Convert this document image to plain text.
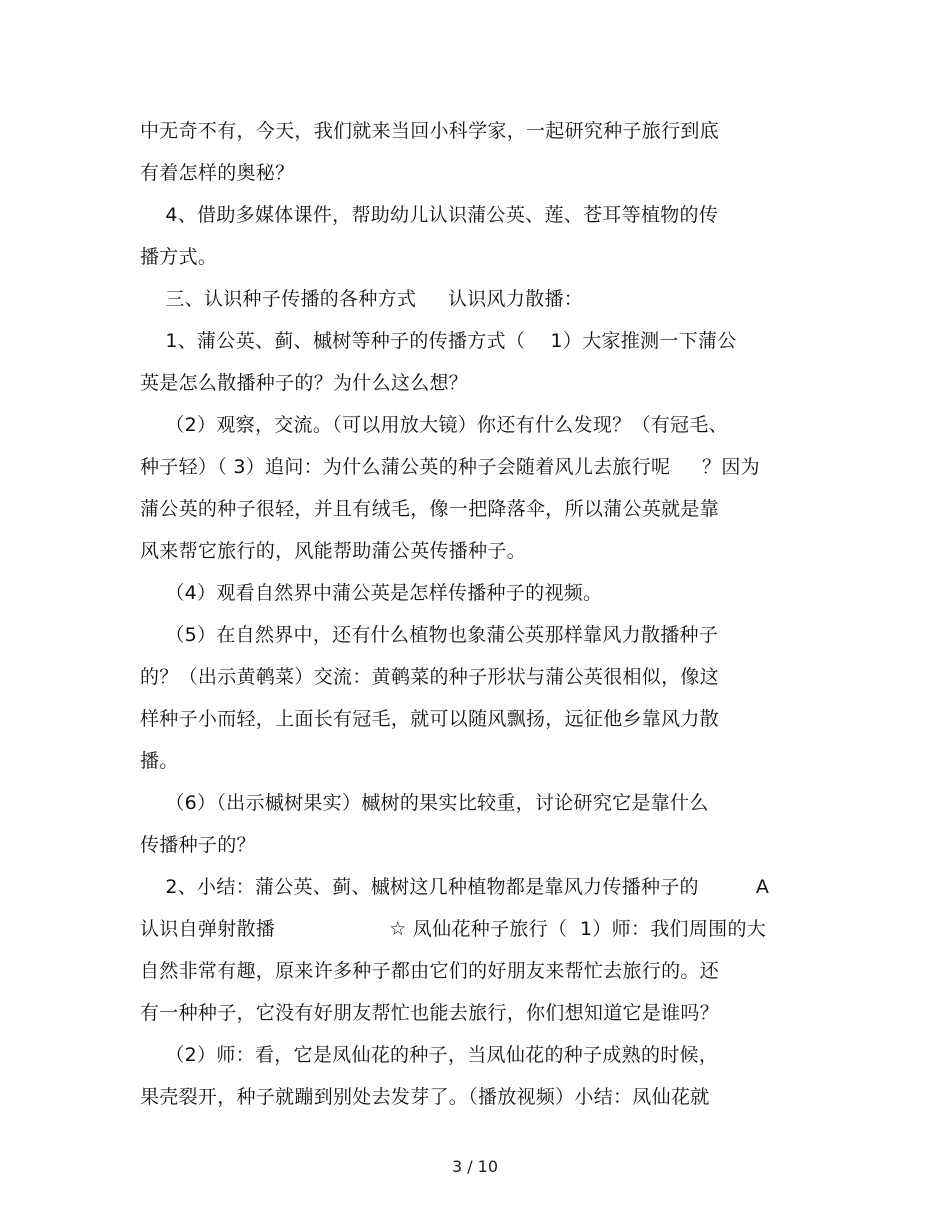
中无奇不有，今天，我们就来当回小科学家，一起研究种子旅行到底
有着怎样的奥秘？
4、借助多媒体课件，帮助幼儿认识蒲公英、莲、苍耳等植物的传
播方式。
三、认识种子传播的各种方式     认识风力散播：
1、蒲公英、蓟、槭树等种子的传播方式（    1）大家推测一下蒲公
英是怎么散播种子的？为什么这么想？
（2）观察，交流。（可以用放大镜）你还有什么发现？（有冠毛、
种子轻）（ 3）追问：为什么蒲公英的种子会随着风儿去旅行呢     ？因为
蒲公英的种子很轻，并且有绒毛，像一把降落伞，所以蒲公英就是靠
风来帮它旅行的，风能帮助蒲公英传播种子。
（4）观看自然界中蒲公英是怎样传播种子的视频。
（5）在自然界中，还有什么植物也象蒲公英那样靠风力散播种子
的？（出示黄鹌菜）交流：黄鹌菜的种子形状与蒲公英很相似，像这
样种子小而轻，上面长有冠毛，就可以随风飘扬，远征他乡靠风力散
播。
（6）（出示槭树果实）槭树的果实比较重，讨论研究它是靠什么
传播种子的？
2、小结：蒲公英、蓟、槭树这几种植物都是靠风力传播种子的         A
认识自弹射散播                  ☆ 凤仙花种子旅行（  1）师：我们周围的大
自然非常有趣，原来许多种子都由它们的好朋友来帮忙去旅行的。还
有一种种子，它没有好朋友帮忙也能去旅行，你们想知道它是谁吗？
（2）师：看，它是凤仙花的种子，当凤仙花的种子成熟的时候，
果壳裂开，种子就蹦到别处去发芽了。（播放视频）小结：凤仙花就
3 / 10
